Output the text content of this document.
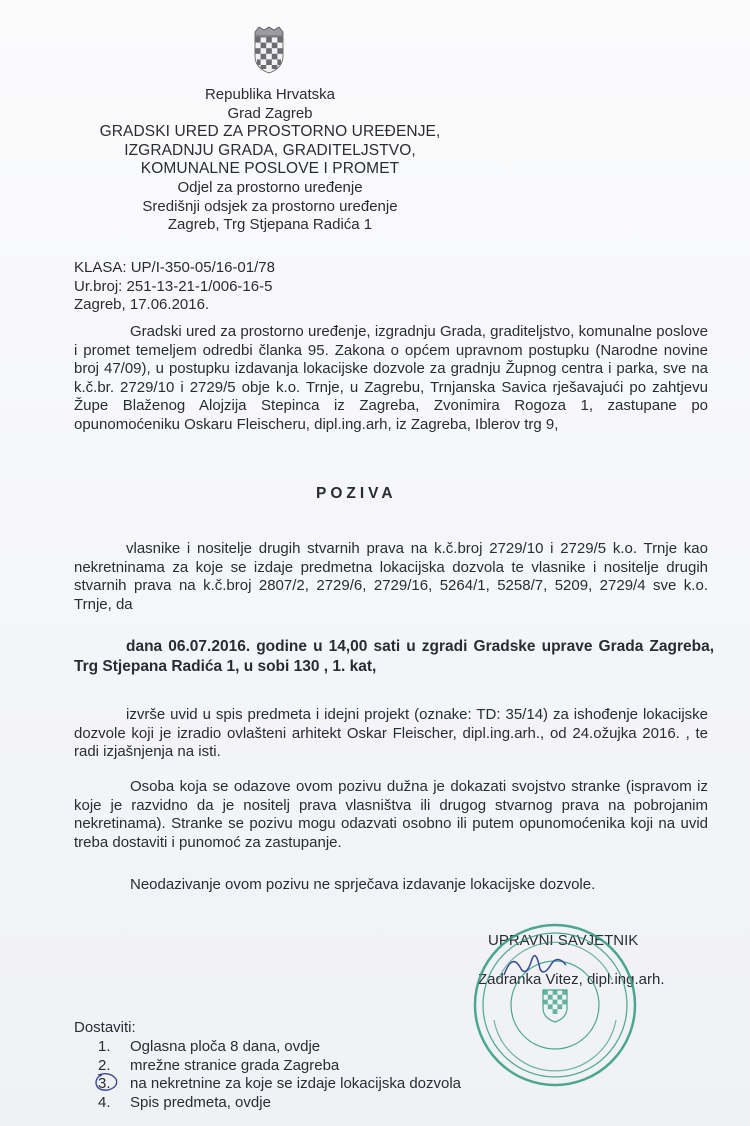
Republika Hrvatska
Grad Zagreb
GRADSKI URED ZA PROSTORNO UREĐENJE,
IZGRADNJU GRADA, GRADITELJSTVO,
KOMUNALNE POSLOVE I PROMET
Odjel za prostorno uređenje
Središnji odsjek za prostorno uređenje
Zagreb, Trg Stjepana Radića 1
KLASA: UP/I-350-05/16-01/78
Ur.broj: 251-13-21-1/006-16-5
Zagreb, 17.06.2016.
Gradski ured za prostorno uređenje, izgradnju Grada, graditeljstvo, komunalne poslove i promet temeljem odredbi članka 95. Zakona o općem upravnom postupku (Narodne novine broj 47/09), u postupku izdavanja lokacijske dozvole za gradnju Župnog centra i parka, sve na k.č.br. 2729/10 i 2729/5 obje k.o. Trnje, u Zagrebu, Trnjanska Savica rješavajući po zahtjevu Župe Blaženog Alojzija Stepinca iz Zagreba, Zvonimira Rogoza 1, zastupane po opunomoćeniku Oskaru Fleischeru, dipl.ing.arh, iz Zagreba, Iblerov trg 9,
POZIVA
vlasnike i nositelje drugih stvarnih prava na k.č.broj 2729/10 i 2729/5 k.o. Trnje kao nekretninama za koje se izdaje predmetna lokacijska dozvola te vlasnike i nositelje drugih stvarnih prava na k.č.broj 2807/2, 2729/6, 2729/16, 5264/1, 5258/7, 5209, 2729/4 sve k.o. Trnje, da
dana 06.07.2016. godine u 14,00 sati u zgradi Gradske uprave Grada Zagreba, Trg Stjepana Radića 1, u sobi 130 , 1. kat,
izvrše uvid u spis predmeta i idejni projekt (oznake: TD: 35/14) za ishođenje lokacijske dozvole koji je izradio ovlašteni arhitekt Oskar Fleischer, dipl.ing.arh., od 24.ožujka 2016. , te radi izjašnjenja na isti.
Osoba koja se odazove ovom pozivu dužna je dokazati svojstvo stranke (ispravom iz koje je razvidno da je nositelj prava vlasništva ili drugog stvarnog prava na pobrojanim nekretinama). Stranke se pozivu mogu odazvati osobno ili putem opunomoćenika koji na uvid treba dostaviti i punomoć za zastupanje.
Neodazivanje ovom pozivu ne sprječava izdavanje lokacijske dozvole.
UPRAVNI SAVJETNIK
Zadranka Vitez, dipl.ing.arh.
Dostaviti:
1.	Oglasna ploča 8 dana, ovdje
2.	mrežne stranice grada Zagreba
3.	na nekretnine za koje se izdaje lokacijska dozvola
4.	Spis predmeta, ovdje
